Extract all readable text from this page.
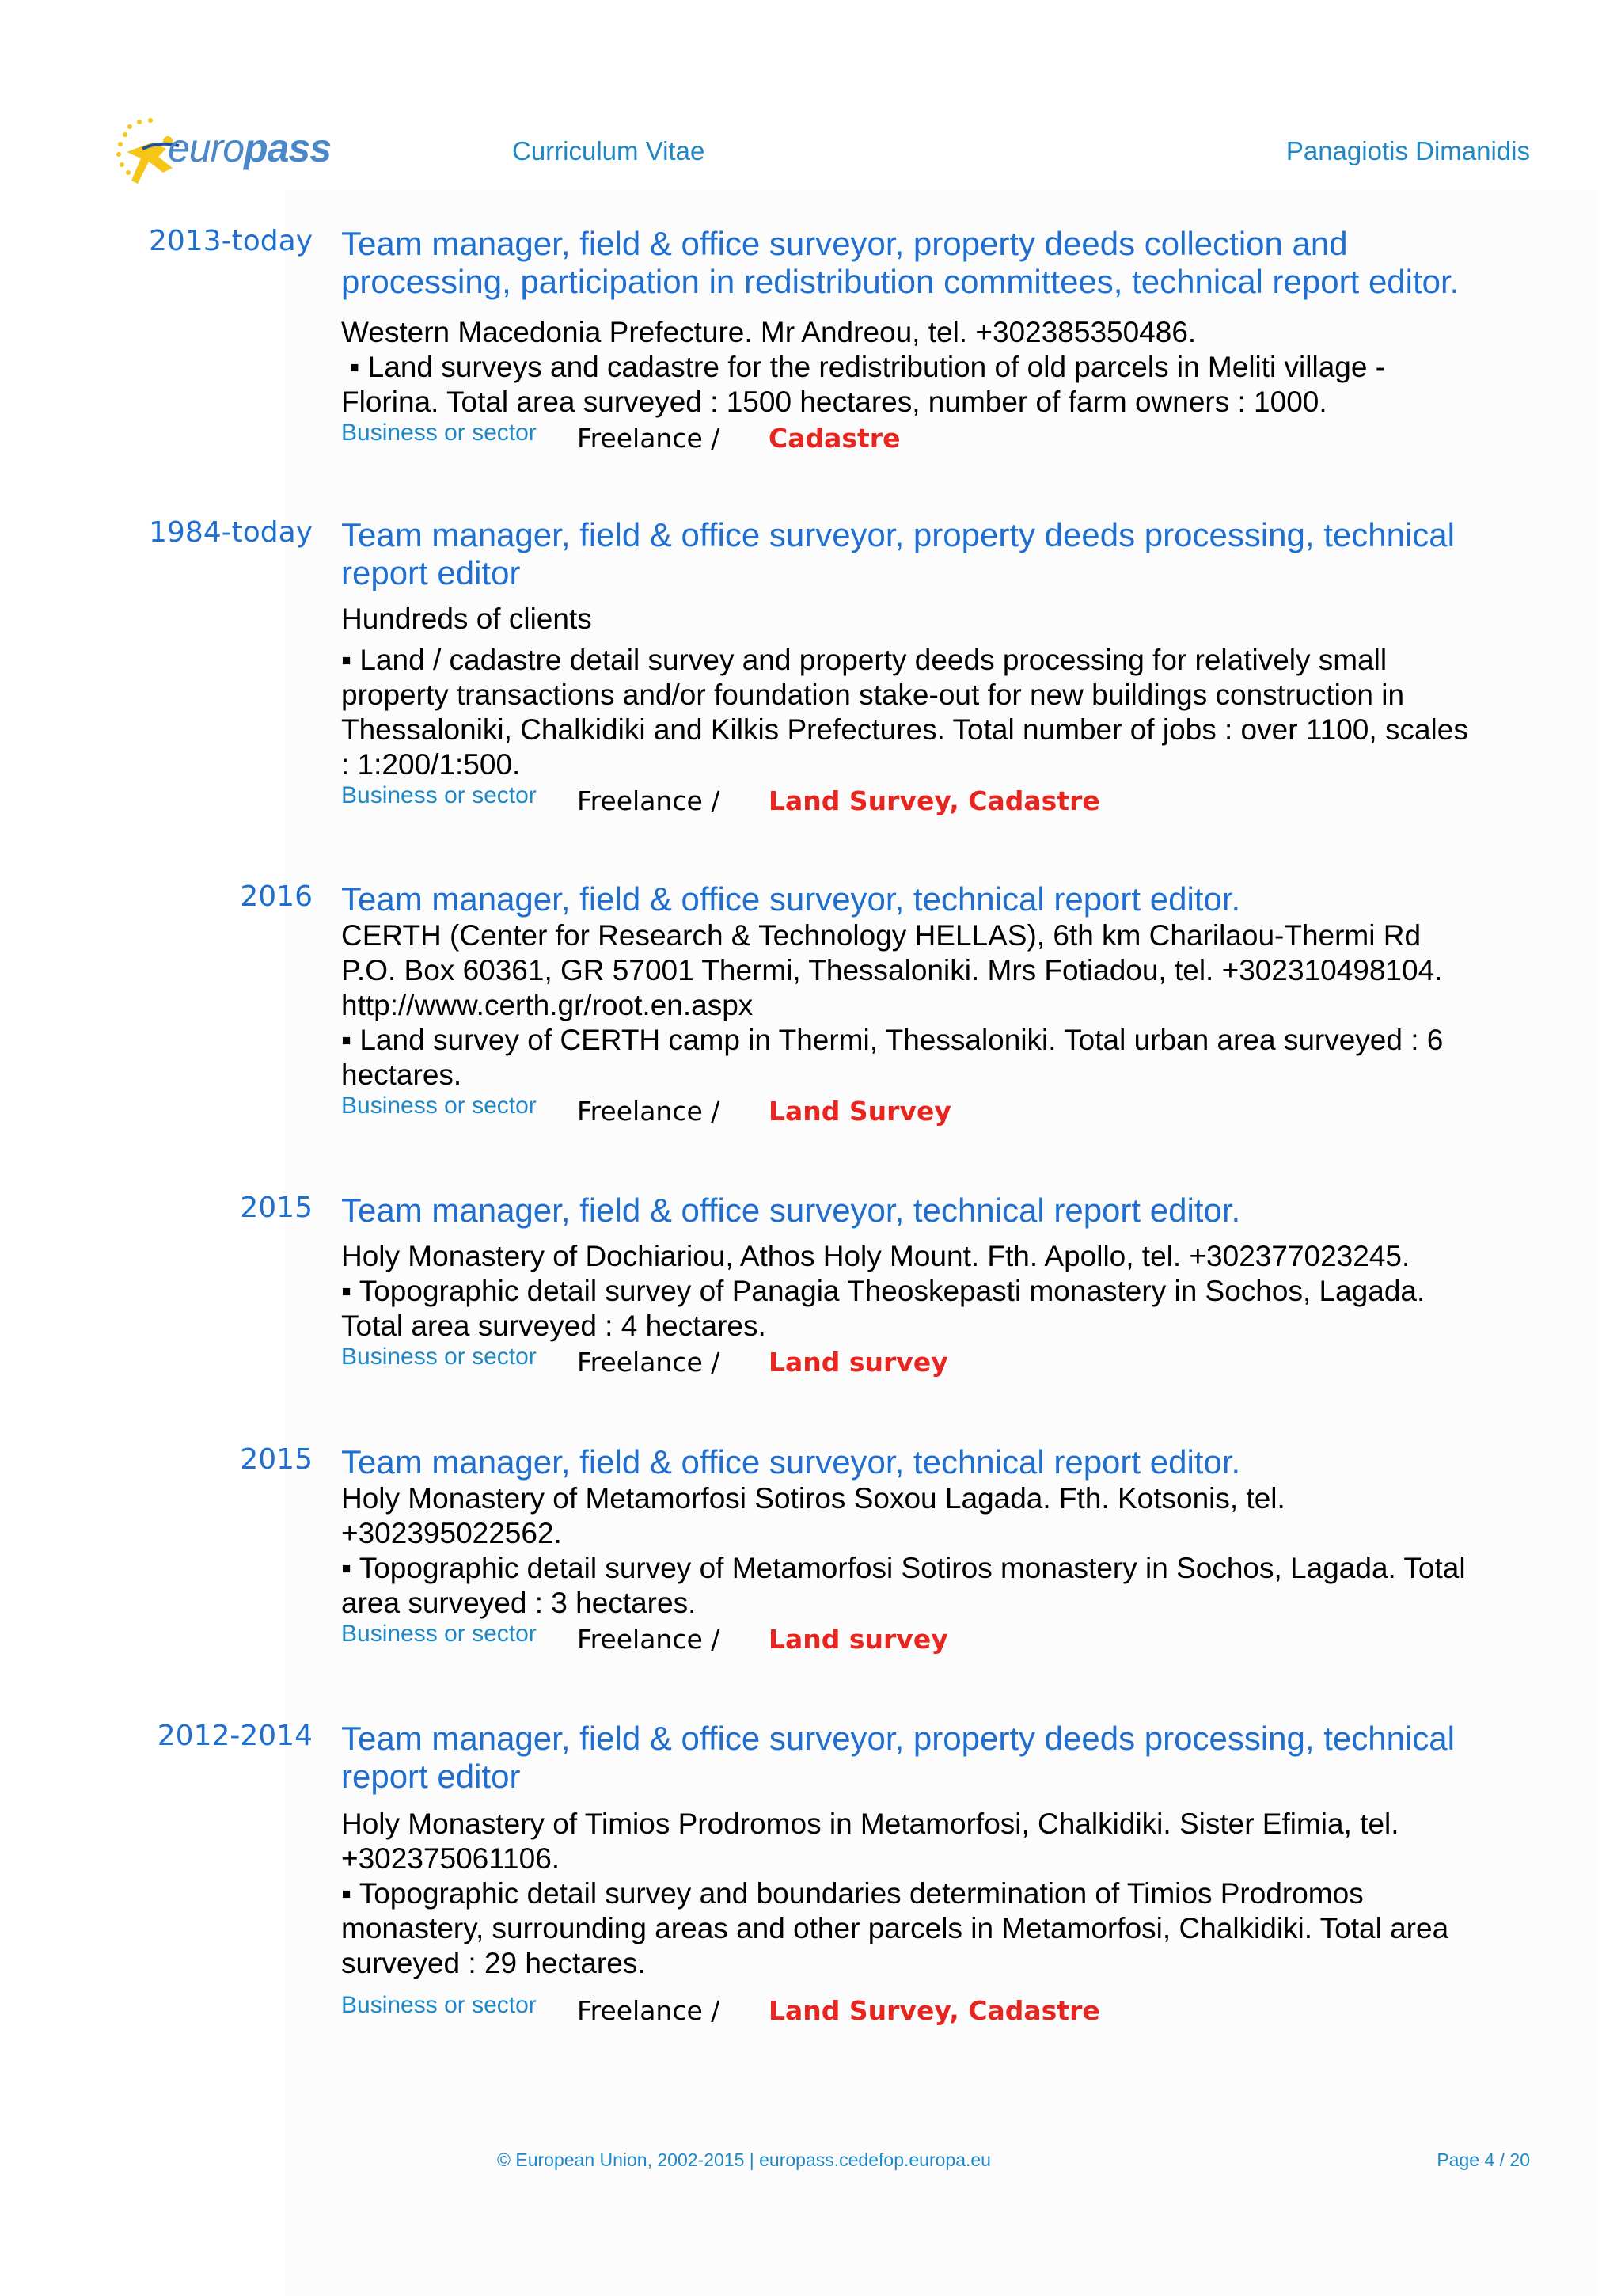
europass	Curriculum Vitae	Panagiotis Dimanidis
2013-today Team manager, field & office surveyor, property deeds collection and

processing, participation in redistribution committees, technical report editor.

Western Macedonia Prefecture. Mr Andreou, tel. +302385350486.

▪ Land surveys and cadastre for the redistribution of old parcels in Meliti village -

Florina. Total area surveyed : 1500 hectares, number of farm owners : 1000.

Business or sector Freelance / Cadastre
1984-today Team manager, field & office surveyor, property deeds processing, technical

report editor

Hundreds of clients

▪ Land / cadastre detail survey and property deeds processing for relatively small

property transactions and/or foundation stake-out for new buildings construction in

Thessaloniki, Chalkidiki and Kilkis Prefectures. Total number of jobs : over 1100, scales

: 1:200/1:500.

Business or sector Freelance / Land Survey, Cadastre
2016 Team manager, field & office surveyor, technical report editor.

CERTH (Center for Research & Technology HELLAS), 6th km Charilaou-Thermi Rd

P.O. Box 60361, GR 57001 Thermi, Thessaloniki. Mrs Fotiadou, tel. +302310498104.

http://www.certh.gr/root.en.aspx

▪ Land survey of CERTH camp in Thermi, Thessaloniki. Total urban area surveyed : 6

hectares.

Business or sector Freelance / Land Survey
2015 Team manager, field & office surveyor, technical report editor.

Holy Monastery of Dochiariou, Athos Holy Mount. Fth. Apollo, tel. +302377023245.

▪ Topographic detail survey of Panagia Theoskepasti monastery in Sochos, Lagada.

Total area surveyed : 4 hectares.

Business or sector Freelance / Land survey
2015 Team manager, field & office surveyor, technical report editor.

Holy Monastery of Metamorfosi Sotiros Soxou Lagada. Fth. Kotsonis, tel.

+302395022562.

▪ Topographic detail survey of Metamorfosi Sotiros monastery in Sochos, Lagada. Total

area surveyed : 3 hectares.

Business or sector Freelance / Land survey
2012-2014 Team manager, field & office surveyor, property deeds processing, technical

report editor

Holy Monastery of Timios Prodromos in Metamorfosi, Chalkidiki. Sister Efimia, tel.

+302375061106.

▪ Topographic detail survey and boundaries determination of Timios Prodromos

monastery, surrounding areas and other parcels in Metamorfosi, Chalkidiki. Total area

surveyed : 29 hectares.

Business or sector Freelance / Land Survey, Cadastre
© European Union, 2002-2015 | europass.cedefop.europa.eu	Page 4 / 20
